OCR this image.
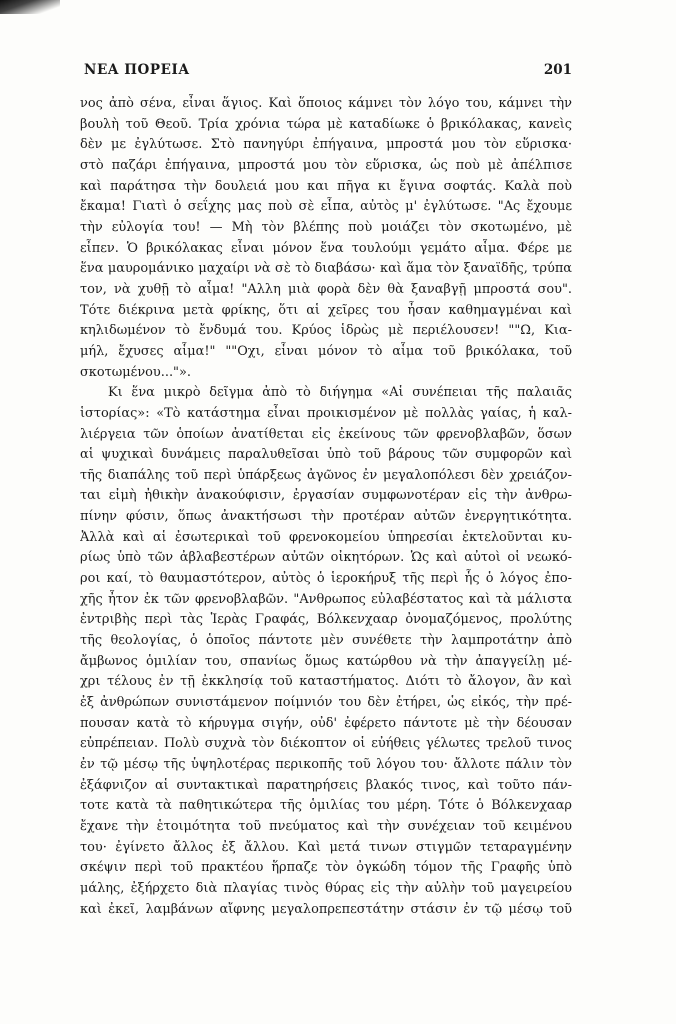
ΝΕΑ ΠΟΡΕΙΑ	201
νος ἀπὸ σένα, εἶναι ἅγιος. Καὶ ὅποιος κάμνει τὸν λόγο του, κάμνει τὴν
βουλὴ τοῦ Θεοῦ. Τρία χρόνια τώρα μὲ καταδίωκε ὁ βρικόλακας, κανεὶς
δὲν με ἐγλύτωσε. Στὸ πανηγύρι ἐπήγαινα, μπροστά μου τὸν εὕρισκα·
στὸ παζάρι ἐπήγαινα, μπροστά μου τὸν εὕρισκα, ὡς ποὺ μὲ ἀπέλπισε
καὶ παράτησα τὴν δουλειά μου και πῆγα κι ἔγινα σοφτάς. Καλὰ ποὺ
ἔκαμα! Γιατὶ ὁ σεΐχης μας ποὺ σὲ εἶπα, αὐτὸς μ' ἐγλύτωσε. "Ας ἔχουμε
τὴν εὐλογία του! — Μὴ τὸν βλέπης ποὺ μοιάζει τὸν σκοτωμένο, μὲ
εἶπεν. Ὁ βρικόλακας εἶναι μόνον ἕνα τουλούμι γεμάτο αἷμα. Φέρε με
ἕνα μαυρομάνικο μαχαίρι νὰ σὲ τὸ διαβάσω· καὶ ἅμα τὸν ξαναϊδῆς, τρύπα
τον, νὰ χυθῇ τὸ αἷμα! "Αλλη μιὰ φορὰ δὲν θὰ ξαναβγῇ μπροστά σου".
Τότε διέκρινα μετὰ φρίκης, ὅτι αἱ χεῖρες του ἦσαν καθημαγμέναι καὶ
κηλιδωμένον τὸ ἔνδυμά του. Κρύος ἱδρὼς μὲ περιέλουσεν! ""Ω, Κια-
μήλ, ἔχυσες αἷμα!" ""Οχι, εἶναι μόνον τὸ αἷμα τοῦ βρικόλακα, τοῦ
σκοτωμένου..."».
Κι ἕνα μικρὸ δεῖγμα ἀπὸ τὸ διήγημα «Αἱ συνέπειαι τῆς παλαιᾶς
ἱστορίας»: «Τὸ κατάστημα εἶναι προικισμένον μὲ πολλὰς γαίας, ἡ καλ-
λιέργεια τῶν ὁποίων ἀνατίθεται εἰς ἐκείνους τῶν φρενοβλαβῶν, ὅσων
αἱ ψυχικαὶ δυνάμεις παραλυθεῖσαι ὑπὸ τοῦ βάρους τῶν συμφορῶν καὶ
τῆς διαπάλης τοῦ περὶ ὑπάρξεως ἀγῶνος ἐν μεγαλοπόλεσι δὲν χρειάζον-
ται εἰμὴ ἠθικὴν ἀνακούφισιν, ἐργασίαν συμφωνοτέραν εἰς τὴν ἀνθρω-
πίνην φύσιν, ὅπως ἀνακτήσωσι τὴν προτέραν αὐτῶν ἐνεργητικότητα.
Ἀλλὰ καὶ αἱ ἐσωτερικαὶ τοῦ φρενοκομείου ὑπηρεσίαι ἐκτελοῦνται κυ-
ρίως ὑπὸ τῶν ἀβλαβεστέρων αὐτῶν οἰκητόρων. Ὡς καὶ αὐτοὶ οἱ νεωκό-
ροι καί, τὸ θαυμαστότερον, αὐτὸς ὁ ἱεροκήρυξ τῆς περὶ ἧς ὁ λόγος ἐπο-
χῆς ἦτον ἐκ τῶν φρενοβλαβῶν. "Ανθρωπος εὐλαβέστατος καὶ τὰ μάλιστα
ἐντριβὴς περὶ τὰς Ἱερὰς Γραφάς, Βόλκενχααρ ὀνομαζόμενος, προλύτης
τῆς θεολογίας, ὁ ὁποῖος πάντοτε μὲν συνέθετε τὴν λαμπροτάτην ἀπὸ
ἄμβωνος ὁμιλίαν του, σπανίως ὅμως κατώρθου νὰ τὴν ἀπαγγείλῃ μέ-
χρι τέλους ἐν τῇ ἐκκλησίᾳ τοῦ καταστήματος. Διότι τὸ ἄλογον, ἂν καὶ
ἐξ ἀνθρώπων συνιστάμενον ποίμνιόν του δὲν ἐτήρει, ὡς εἰκός, τὴν πρέ-
πουσαν κατὰ τὸ κήρυγμα σιγήν, οὐδ' ἐφέρετο πάντοτε μὲ τὴν δέουσαν
εὐπρέπειαν. Πολὺ συχνὰ τὸν διέκοπτον οἱ εὐήθεις γέλωτες τρελοῦ τινος
ἐν τῷ μέσῳ τῆς ὑψηλοτέρας περικοπῆς τοῦ λόγου του· ἄλλοτε πάλιν τὸν
ἐξάφνιζον αἱ συντακτικαὶ παρατηρήσεις βλακός τινος, καὶ τοῦτο πάν-
τοτε κατὰ τὰ παθητικώτερα τῆς ὁμιλίας του μέρη. Τότε ὁ Βόλκενχααρ
ἔχανε τὴν ἑτοιμότητα τοῦ πνεύματος καὶ τὴν συνέχειαν τοῦ κειμένου
του· ἐγίνετο ἄλλος ἐξ ἄλλου. Καὶ μετά τινων στιγμῶν τεταραγμένην
σκέψιν περὶ τοῦ πρακτέου ἥρπαζε τὸν ὀγκώδη τόμον τῆς Γραφῆς ὑπὸ
μάλης, ἐξήρχετο διὰ πλαγίας τινὸς θύρας εἰς τὴν αὐλὴν τοῦ μαγειρείου
καὶ ἐκεῖ, λαμβάνων αἴφνης μεγαλοπρεπεστάτην στάσιν ἐν τῷ μέσῳ τοῦ
